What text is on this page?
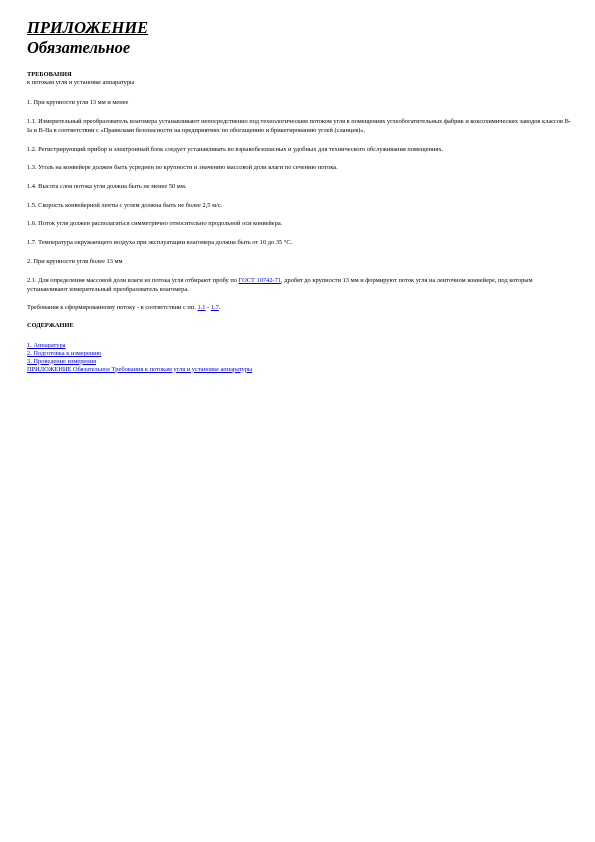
ПРИЛОЖЕНИЕ
Обязательное
ТРЕБОВАНИЯ
к потокам угля и установке аппаратуры

1. При крупности угля 13 мм и менее

1.1. Измерительный преобразователь влагомера устанавливают непосредственно под технологическим потоком угля в помещениях углеобогатительных фабрик и коксохимических заводов классов В-Ia и В-IIa в соответствии с «Правилами безопасности на предприятиях по обогащению и брикетированию углей (сланцев)».

1.2. Регистрирующий прибор и электронный блок следует устанавливать во взрывобезопасных и удобных для технического обслуживания помещениях.

1.3. Уголь на конвейере должен быть усреднен по крупности и значению массовой доли влаги по сечению потока.

1.4. Высота слоя потока угля должна быть не менее 50 мм.

1.5. Скорость конвейерной ленты с углем должна быть не более 2,5 м/с.

1.6. Поток угля должен располагаться симметрично относительно продольной оси конвейера.

1.7. Температура окружающего воздуха при эксплуатации влагомера должна быть от 10 до 35 °С.

2. При крупности угля более 13 мм

2.1. Для определения массовой доли влаги из потока угля отбирают пробу по ГОСТ 10742-71, дробят до крупности 13 мм и формируют поток угля на ленточном конвейере, под которым устанавливают измерительный преобразователь влагомера.

Требования к сформированному потоку - в соответствии с пп. 1.1 - 1.7.

СОДЕРЖАНИЕ
1. Аппаратура
2. Подготовка к измерению
3. Проведение измерения
ПРИЛОЖЕНИЕ Обязательное Требования к потокам угля и установке аппаратуры
